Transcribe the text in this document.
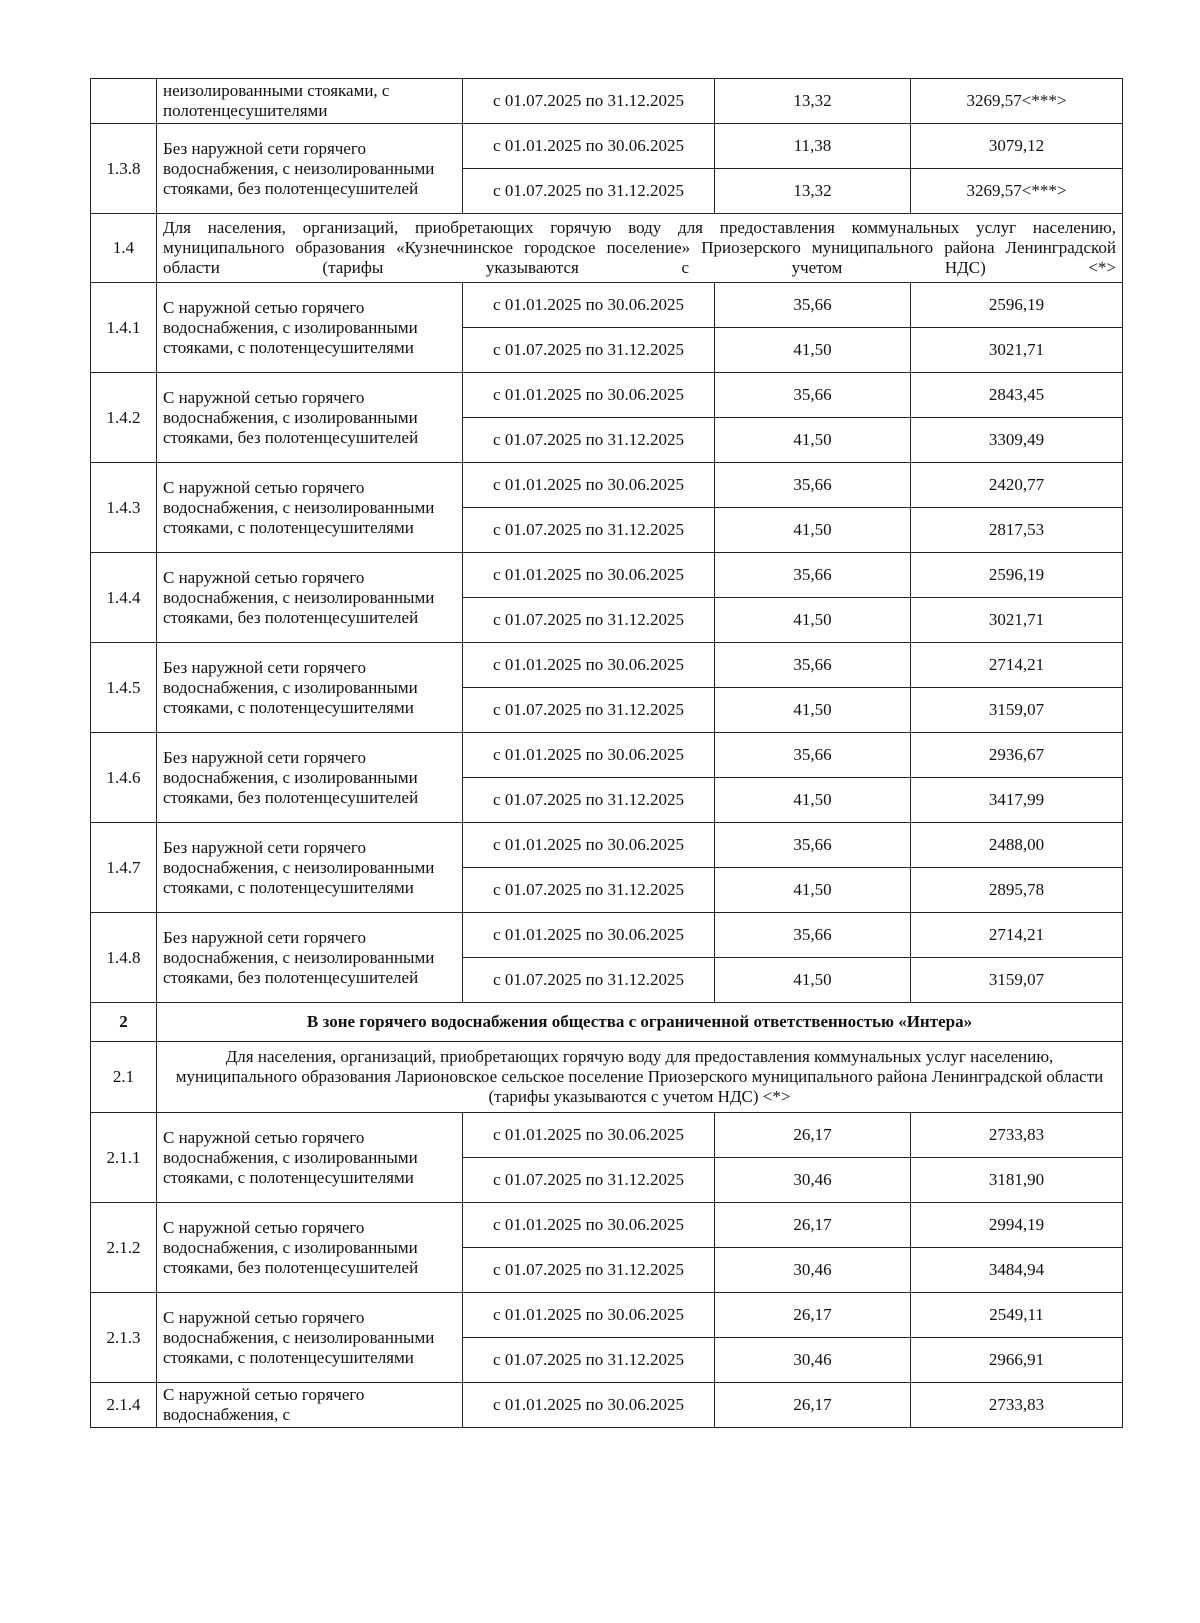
	неизолированными стояками, с полотенцесушителями	с 01.07.2025 по 31.12.2025	13,32	3269,57<***>
1.3.8	Без наружной сети горячего водоснабжения, с неизолированными стояками, без полотенцесушителей	с 01.01.2025 по 30.06.2025	11,38	3079,12
		с 01.07.2025 по 31.12.2025	13,32	3269,57<***>
1.4	Для населения, организаций, приобретающих горячую воду для предоставления коммунальных услуг населению, муниципального образования «Кузнечнинское городское поселение» Приозерского муниципального района Ленинградской области (тарифы указываются с учетом НДС) <*>			
1.4.1	С наружной сетью горячего водоснабжения, с изолированными стояками, с полотенцесушителями	с 01.01.2025 по 30.06.2025	35,66	2596,19
		с 01.07.2025 по 31.12.2025	41,50	3021,71
1.4.2	С наружной сетью горячего водоснабжения, с изолированными стояками, без полотенцесушителей	с 01.01.2025 по 30.06.2025	35,66	2843,45
		с 01.07.2025 по 31.12.2025	41,50	3309,49
1.4.3	С наружной сетью горячего водоснабжения, с неизолированными стояками, с полотенцесушителями	с 01.01.2025 по 30.06.2025	35,66	2420,77
		с 01.07.2025 по 31.12.2025	41,50	2817,53
1.4.4	С наружной сетью горячего водоснабжения, с неизолированными стояками, без полотенцесушителей	с 01.01.2025 по 30.06.2025	35,66	2596,19
		с 01.07.2025 по 31.12.2025	41,50	3021,71
1.4.5	Без наружной сети горячего водоснабжения, с изолированными стояками, с полотенцесушителями	с 01.01.2025 по 30.06.2025	35,66	2714,21
		с 01.07.2025 по 31.12.2025	41,50	3159,07
1.4.6	Без наружной сети горячего водоснабжения, с изолированными стояками, без полотенцесушителей	с 01.01.2025 по 30.06.2025	35,66	2936,67
		с 01.07.2025 по 31.12.2025	41,50	3417,99
1.4.7	Без наружной сети горячего водоснабжения, с неизолированными стояками, с полотенцесушителями	с 01.01.2025 по 30.06.2025	35,66	2488,00
		с 01.07.2025 по 31.12.2025	41,50	2895,78
1.4.8	Без наружной сети горячего водоснабжения, с неизолированными стояками, без полотенцесушителей	с 01.01.2025 по 30.06.2025	35,66	2714,21
		с 01.07.2025 по 31.12.2025	41,50	3159,07
2	В зоне горячего водоснабжения общества с ограниченной ответственностью «Интера»			
2.1	Для населения, организаций, приобретающих горячую воду для предоставления коммунальных услуг населению, муниципального образования Ларионовское сельское поселение Приозерского муниципального района Ленинградской области (тарифы указываются с учетом НДС) <*>			
2.1.1	С наружной сетью горячего водоснабжения, с изолированными стояками, с полотенцесушителями	с 01.01.2025 по 30.06.2025	26,17	2733,83
		с 01.07.2025 по 31.12.2025	30,46	3181,90
2.1.2	С наружной сетью горячего водоснабжения, с изолированными стояками, без полотенцесушителей	с 01.01.2025 по 30.06.2025	26,17	2994,19
		с 01.07.2025 по 31.12.2025	30,46	3484,94
2.1.3	С наружной сетью горячего водоснабжения, с неизолированными стояками, с полотенцесушителями	с 01.01.2025 по 30.06.2025	26,17	2549,11
		с 01.07.2025 по 31.12.2025	30,46	2966,91
2.1.4	С наружной сетью горячего водоснабжения, с	с 01.01.2025 по 30.06.2025	26,17	2733,83
